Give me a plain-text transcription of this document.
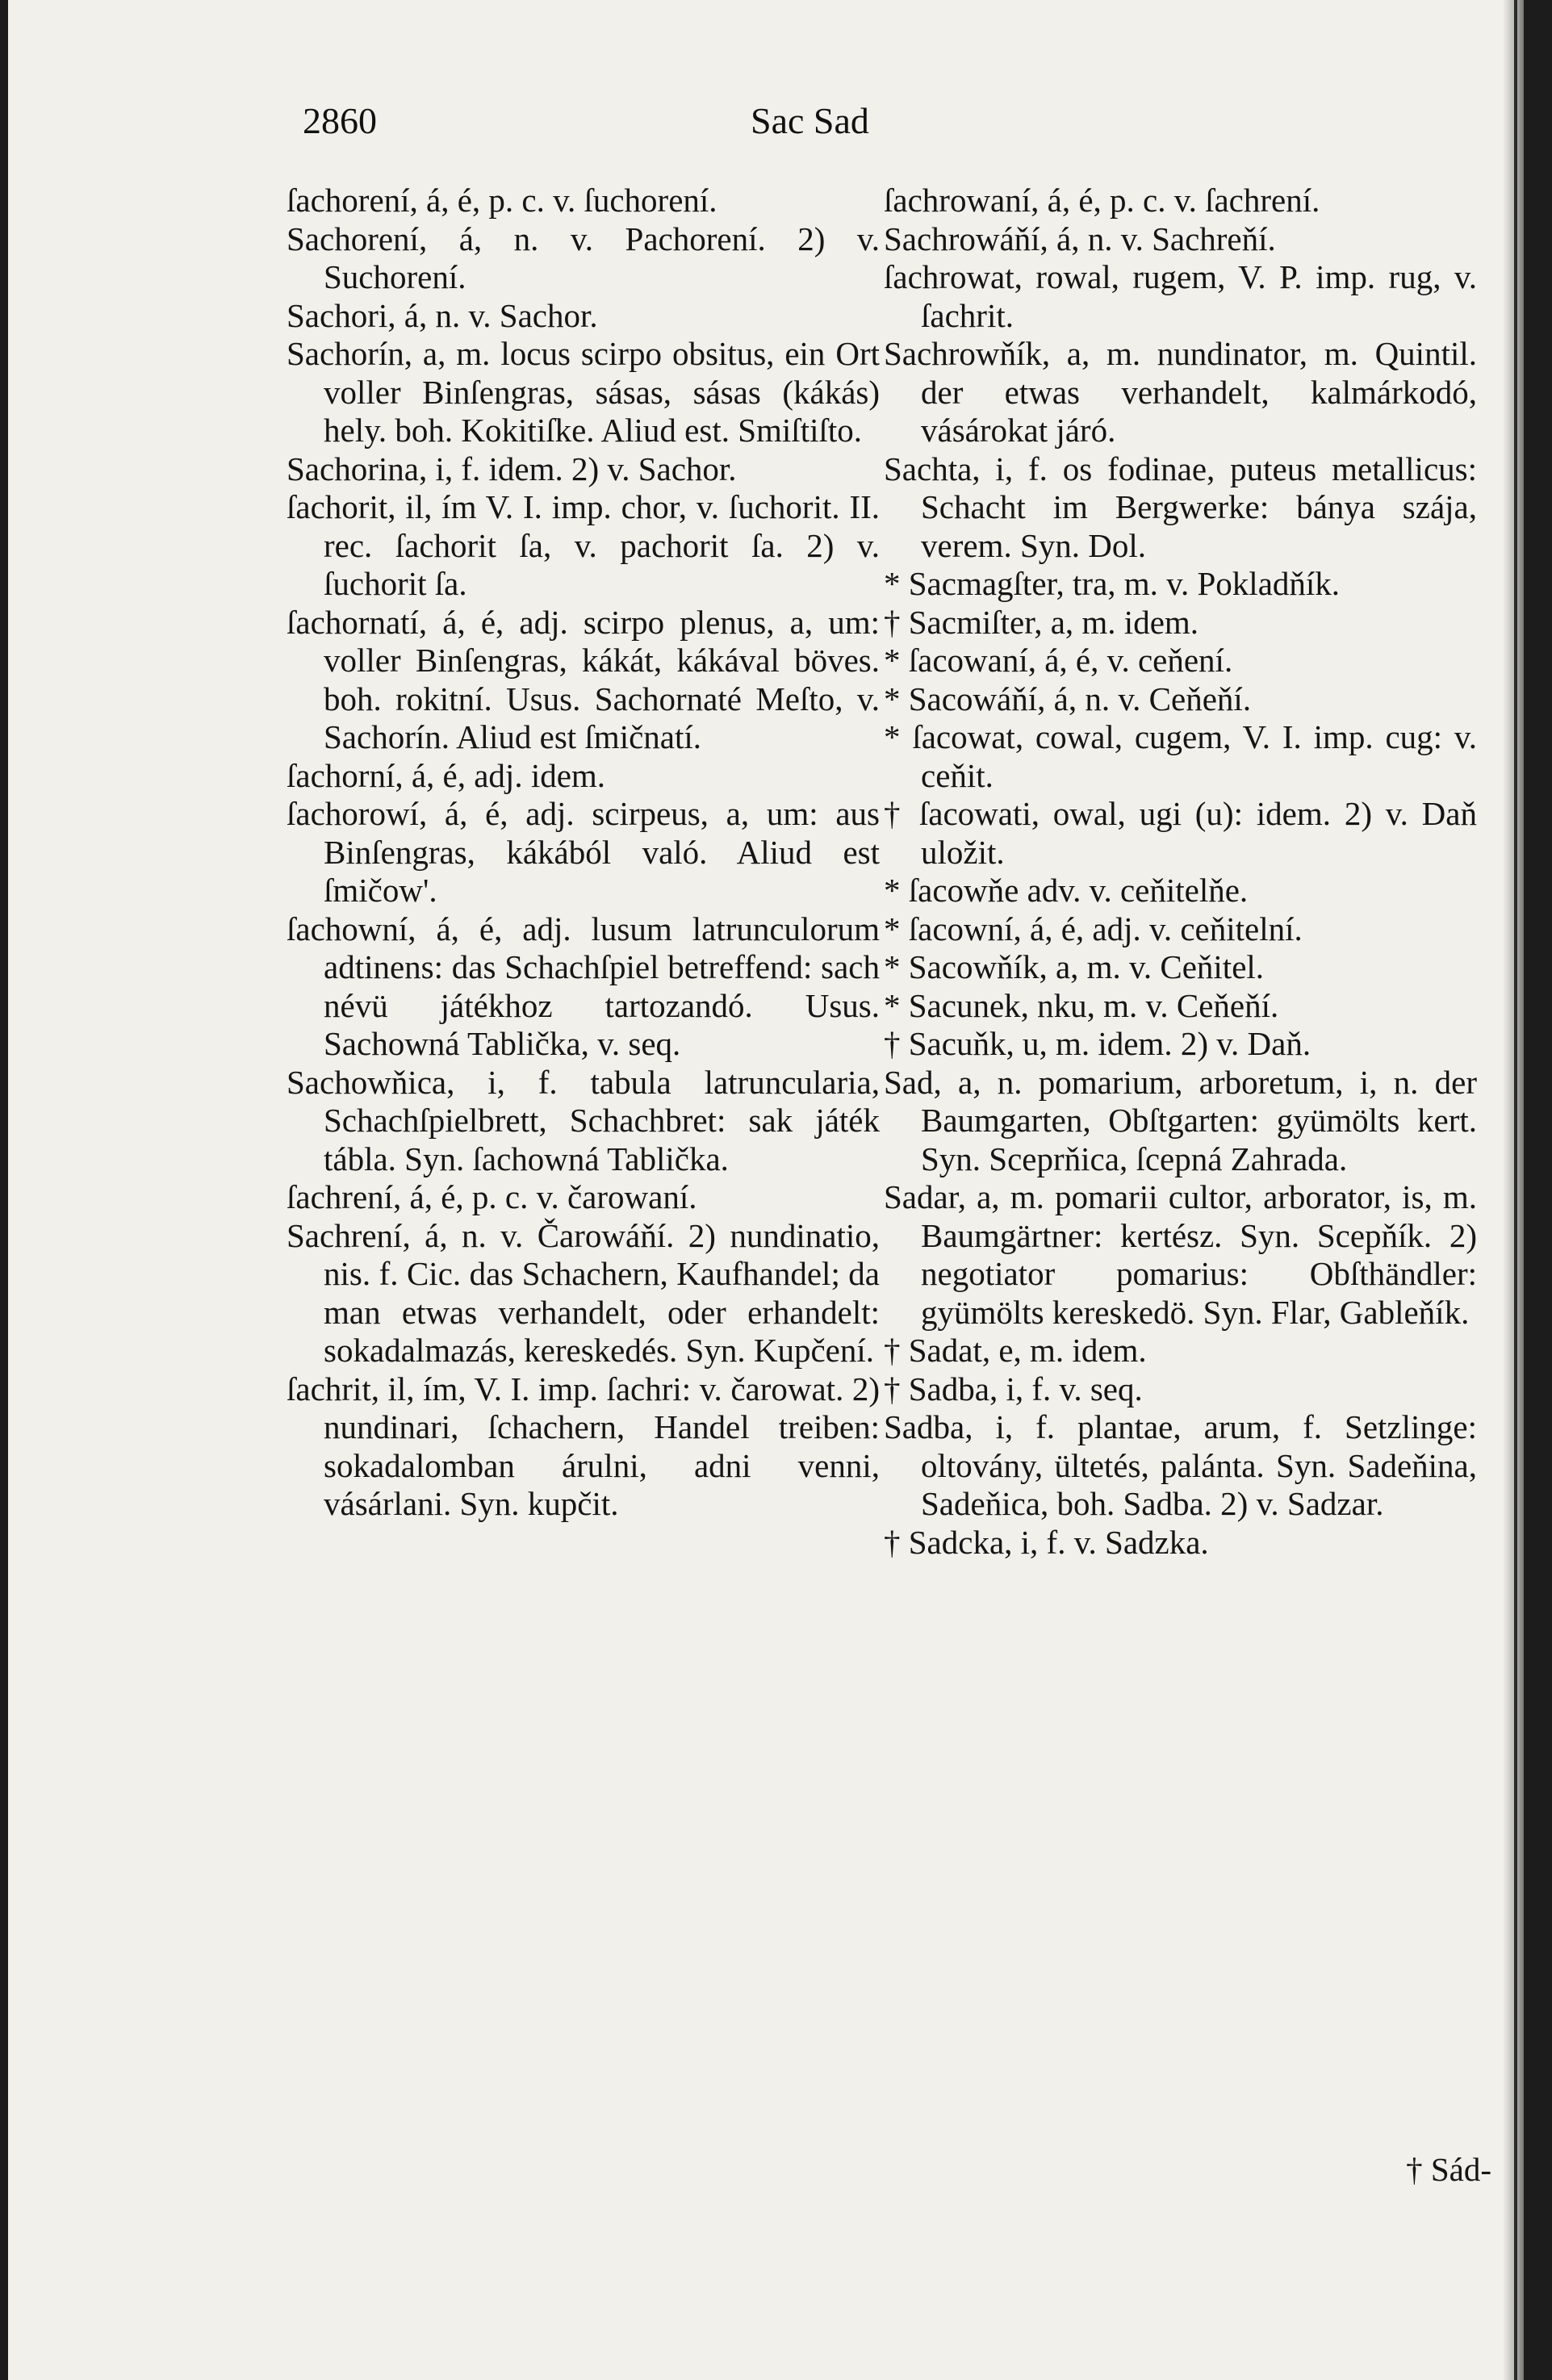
2860	Sac Sad

ſachorení, á, é, p. c. v. ſuchorení.

Sachorení, á, n. v. Pachorení. 2) v. Suchorení.

Sachori, á, n. v. Sachor.

Sachorín, a, m. locus scirpo obsitus, ein Ort voller Binſengras, sásas, sásas (kákás) hely. boh. Kokitiſke. Aliud est. Smiſtiſto.

Sachorina, i, f. idem. 2) v. Sachor.

ſachorit, il, ím V. I. imp. chor, v. ſuchorit. II. rec. ſachorit ſa, v. pachorit ſa. 2) v. ſuchorit ſa.

ſachornatí, á, é, adj. scirpo plenus, a, um: voller Binſengras, kákát, kákával böves. boh. rokitní. Usus. Sachornaté Meſto, v. Sachorín. Aliud est ſmičnatí.

ſachorní, á, é, adj. idem.

ſachorowí, á, é, adj. scirpeus, a, um: aus Binſengras, kákából való. Aliud est ſmičow'.

ſachowní, á, é, adj. lusum latrunculorum adtinens: das Schachſpiel betreffend: sach névü játékhoz tartozandó. Usus. Sachowná Tablička, v. seq.

Sachowňica, i, f. tabula latruncularia, Schachſpielbrett, Schachbret: sak játék tábla. Syn. ſachowná Tablička.

ſachrení, á, é, p. c. v. čarowaní.

Sachrení, á, n. v. Čarowáňí. 2) nundinatio, nis. f. Cic. das Schachern, Kaufhandel; da man etwas verhandelt, oder erhandelt: sokadalmazás, kereskedés. Syn. Kupčení.

ſachrit, il, ím, V. I. imp. ſachri: v. čarowat. 2) nundinari, ſchachern, Handel treiben: sokadalomban árulni, adni venni, vásárlani. Syn. kupčit.

ſachrowaní, á, é, p. c. v. ſachrení.

Sachrowáňí, á, n. v. Sachreňí.

ſachrowat, rowal, rugem, V. P. imp. rug, v. ſachrit.

Sachrowňík, a, m. nundinator, m. Quintil. der etwas verhandelt, kalmárkodó, vásárokat járó.

Sachta, i, f. os fodinae, puteus metallicus: Schacht im Bergwerke: bánya szája, verem. Syn. Dol.

* Sacmagſter, tra, m. v. Pokladňík.

† Sacmiſter, a, m. idem.

* ſacowaní, á, é, v. ceňení.

* Sacowáňí, á, n. v. Ceňeňí.

* ſacowat, cowal, cugem, V. I. imp. cug: v. ceňit.

† ſacowati, owal, ugi (u): idem. 2) v. Daň uložit.

* ſacowňe adv. v. ceňitelňe.

* ſacowní, á, é, adj. v. ceňitelní.

* Sacowňík, a, m. v. Ceňitel.

* Sacunek, nku, m. v. Ceňeňí.

† Sacuňk, u, m. idem. 2) v. Daň.

Sad, a, n. pomarium, arboretum, i, n. der Baumgarten, Obſtgarten: gyümölts kert. Syn. Sceprňica, ſcepná Zahrada.

Sadar, a, m. pomarii cultor, arborator, is, m. Baumgärtner: kertész. Syn. Scepňík. 2) negotiator pomarius: Obſthändler: gyümölts kereskedö. Syn. Flar, Gableňík.

† Sadat, e, m. idem.

† Sadba, i, f. v. seq.

Sadba, i, f. plantae, arum, f. Setzlinge: oltovány, ültetés, palánta. Syn. Sadeňina, Sadeňica, boh. Sadba. 2) v. Sadzar.

† Sadcka, i, f. v. Sadzka.

† Sád-
